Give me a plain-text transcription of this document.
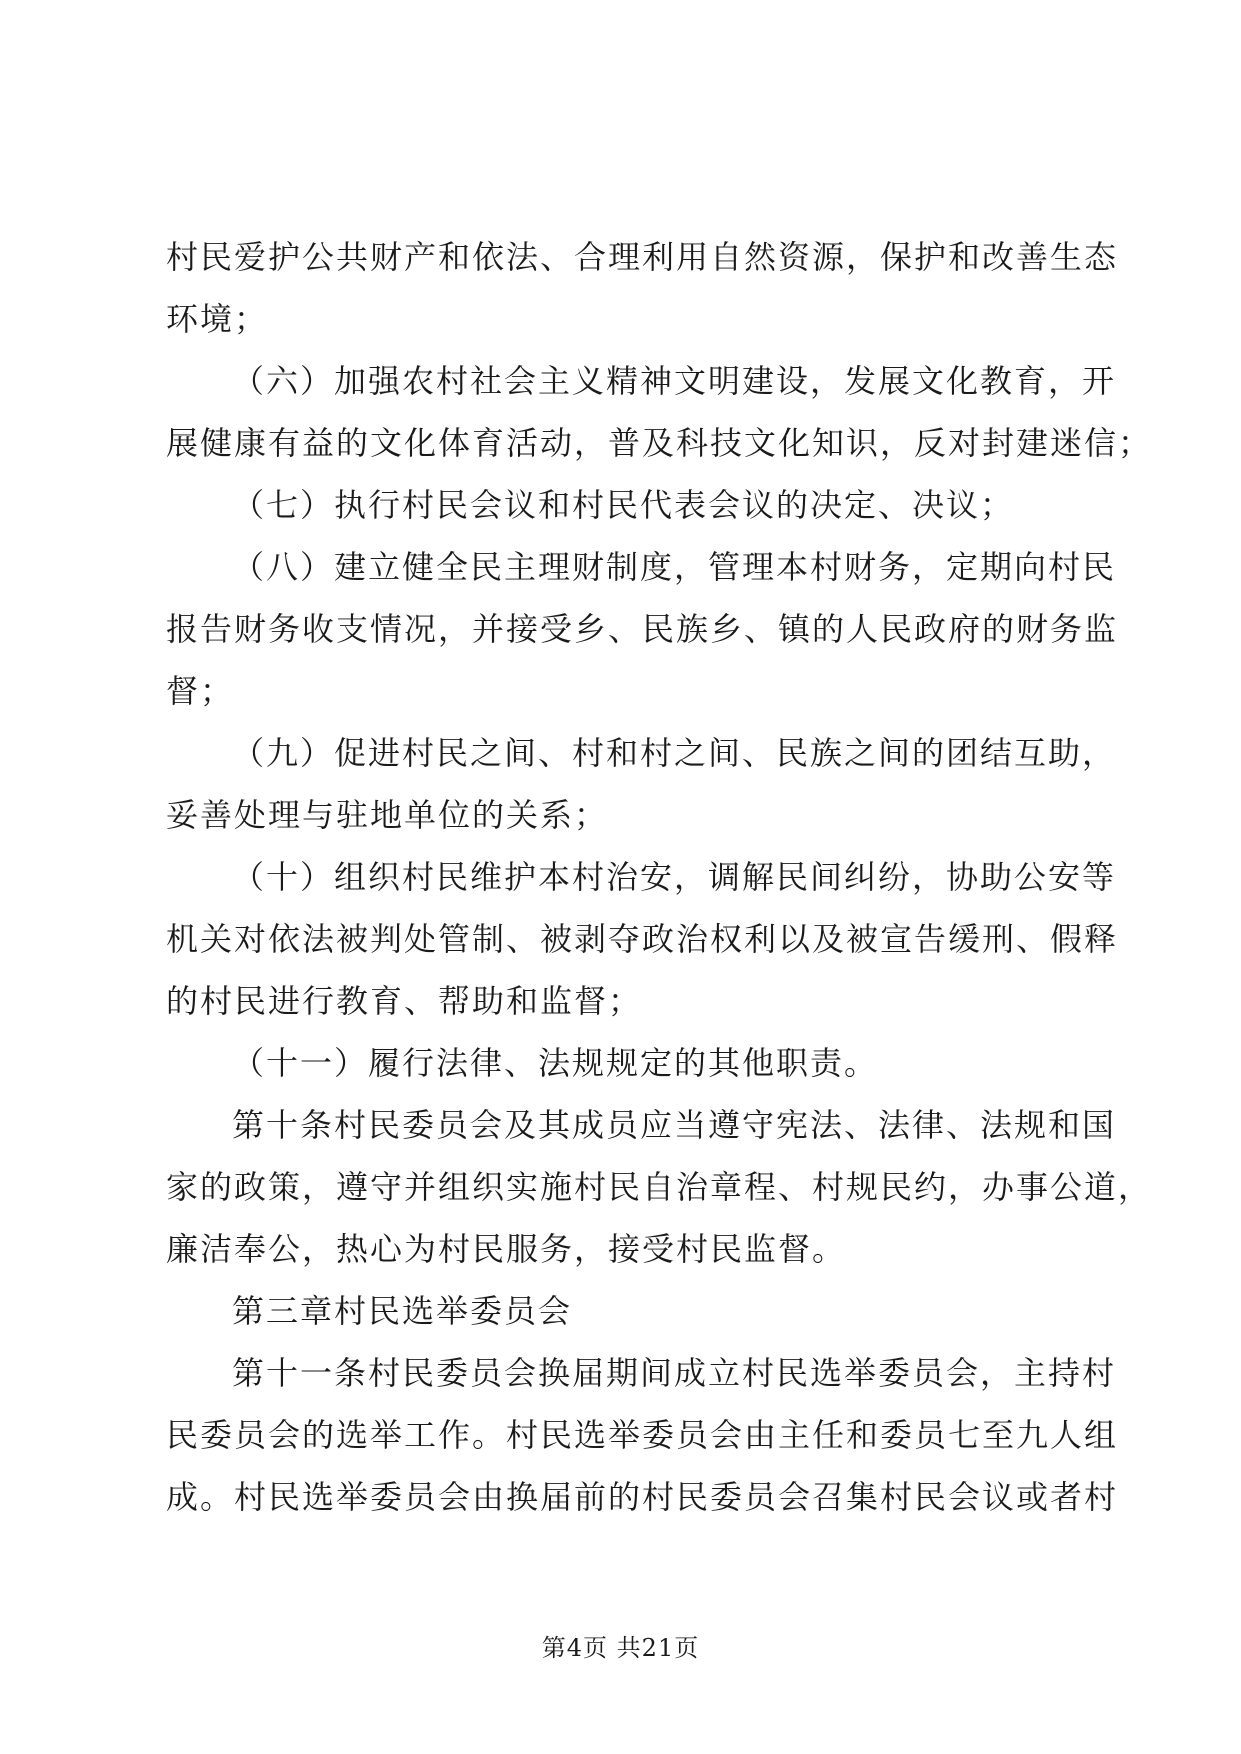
村民爱护公共财产和依法、合理利用自然资源，保护和改善生态
环境；
（六）加强农村社会主义精神文明建设，发展文化教育，开
展健康有益的文化体育活动，普及科技文化知识，反对封建迷信；
（七）执行村民会议和村民代表会议的决定、决议；
（八）建立健全民主理财制度，管理本村财务，定期向村民
报告财务收支情况，并接受乡、民族乡、镇的人民政府的财务监
督；
（九）促进村民之间、村和村之间、民族之间的团结互助，
妥善处理与驻地单位的关系；
（十）组织村民维护本村治安，调解民间纠纷，协助公安等
机关对依法被判处管制、被剥夺政治权利以及被宣告缓刑、假释
的村民进行教育、帮助和监督；
（十一）履行法律、法规规定的其他职责。
第十条村民委员会及其成员应当遵守宪法、法律、法规和国
家的政策，遵守并组织实施村民自治章程、村规民约，办事公道，
廉洁奉公，热心为村民服务，接受村民监督。
第三章村民选举委员会
第十一条村民委员会换届期间成立村民选举委员会，主持村
民委员会的选举工作。村民选举委员会由主任和委员七至九人组
成。村民选举委员会由换届前的村民委员会召集村民会议或者村
第4页 共21页
